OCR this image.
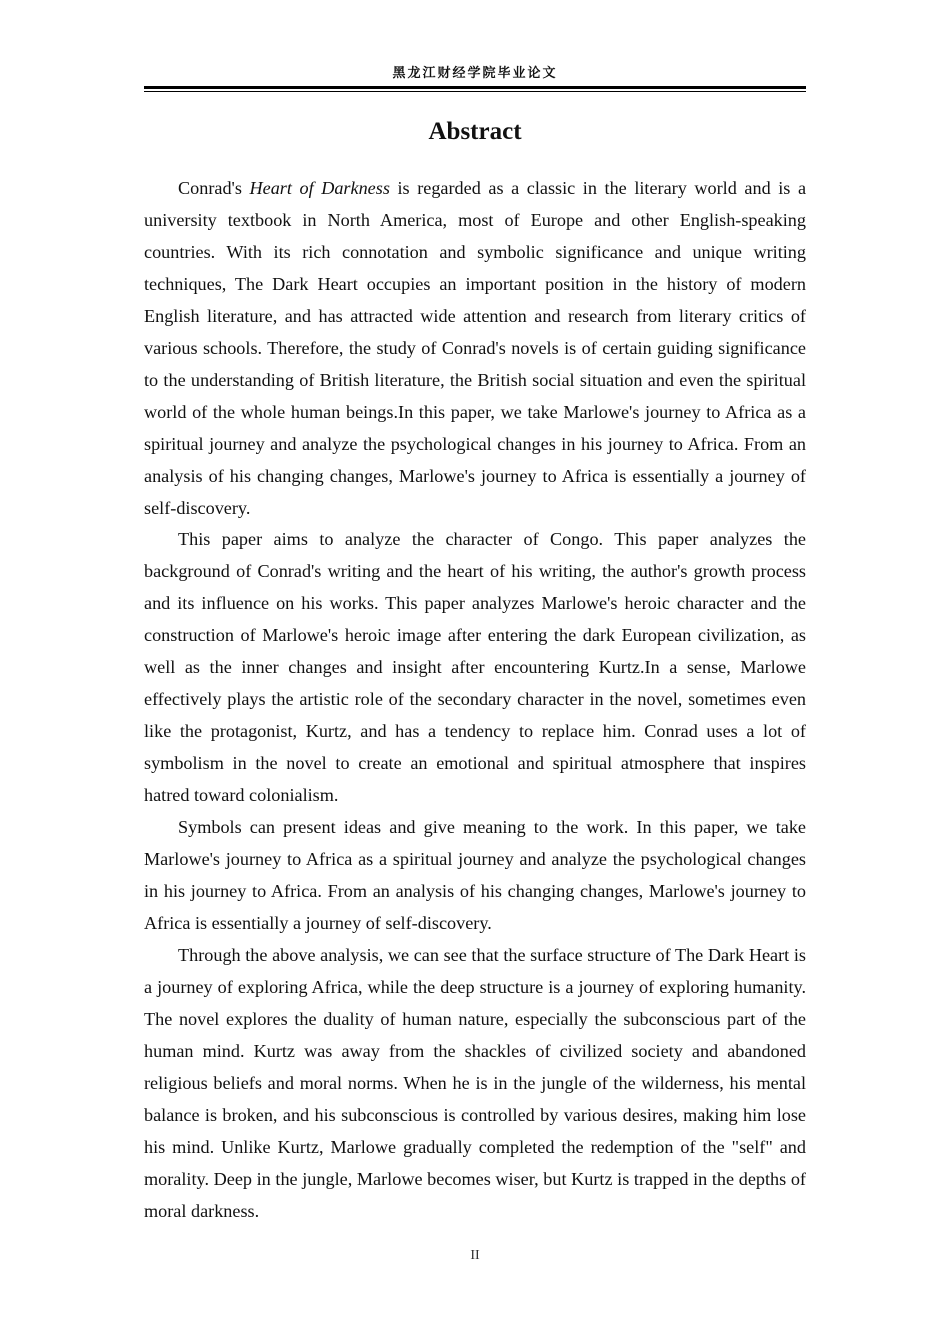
黑龙江财经学院毕业论文
Abstract

Conrad's Heart of Darkness is regarded as a classic in the literary world and is a university textbook in North America, most of Europe and other English-speaking countries. With its rich connotation and symbolic significance and unique writing techniques, The Dark Heart occupies an important position in the history of modern English literature, and has attracted wide attention and research from literary critics of various schools. Therefore, the study of Conrad's novels is of certain guiding significance to the understanding of British literature, the British social situation and even the spiritual world of the whole human beings.In this paper, we take Marlowe's journey to Africa as a spiritual journey and analyze the psychological changes in his journey to Africa. From an analysis of his changing changes, Marlowe's journey to Africa is essentially a journey of self-discovery.

This paper aims to analyze the character of Congo. This paper analyzes the background of Conrad's writing and the heart of his writing, the author's growth process and its influence on his works. This paper analyzes Marlowe's heroic character and the construction of Marlowe's heroic image after entering the dark European civilization, as well as the inner changes and insight after encountering Kurtz.In a sense, Marlowe effectively plays the artistic role of the secondary character in the novel, sometimes even like the protagonist, Kurtz, and has a tendency to replace him. Conrad uses a lot of symbolism in the novel to create an emotional and spiritual atmosphere that inspires hatred toward colonialism.

Symbols can present ideas and give meaning to the work. In this paper, we take Marlowe's journey to Africa as a spiritual journey and analyze the psychological changes in his journey to Africa. From an analysis of his changing changes, Marlowe's journey to Africa is essentially a journey of self-discovery.

Through the above analysis, we can see that the surface structure of The Dark Heart is a journey of exploring Africa, while the deep structure is a journey of exploring humanity. The novel explores the duality of human nature, especially the subconscious part of the human mind. Kurtz was away from the shackles of civilized society and abandoned religious beliefs and moral norms. When he is in the jungle of the wilderness, his mental balance is broken, and his subconscious is controlled by various desires, making him lose his mind. Unlike Kurtz, Marlowe gradually completed the redemption of the "self" and morality. Deep in the jungle, Marlowe becomes wiser, but Kurtz is trapped in the depths of moral darkness.

II
